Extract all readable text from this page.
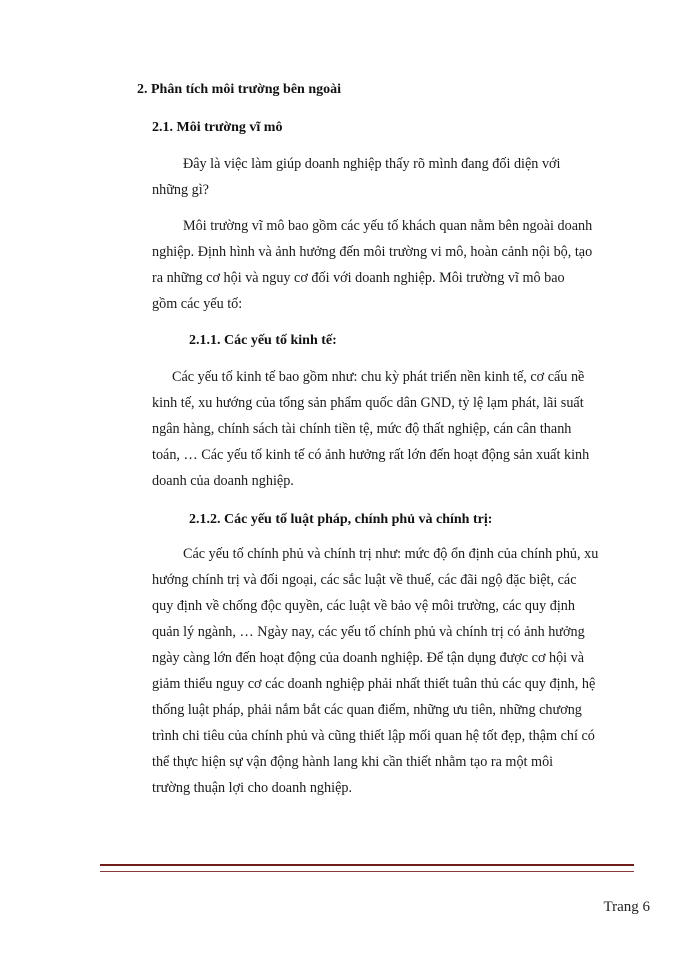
2. Phân tích môi trường bên ngoài
2.1. Môi trường vĩ mô
Đây là việc làm giúp doanh nghiệp thấy rõ mình đang đối diện với
những gì?
Môi trường vĩ mô bao gồm các yếu tố khách quan nằm bên ngoài doanh
nghiệp. Định hình và ảnh hưởng đến môi trường vi mô, hoàn cảnh nội bộ, tạo
ra những cơ hội và nguy cơ đối với doanh nghiệp. Môi trường vĩ mô bao
gồm các yếu tố:
2.1.1. Các yếu tố kinh tế:
Các yếu tố kinh tế bao gồm như: chu kỳ phát triển nền kinh tế, cơ cấu nề
kinh tế, xu hướng của tổng sản phẩm quốc dân GND, tỷ lệ lạm phát, lãi suất
ngân hàng, chính sách tài chính tiền tệ, mức độ thất nghiệp, cán cân thanh
toán, … Các yếu tố kinh tế có ảnh hưởng rất lớn đến hoạt động sản xuất kinh
doanh của doanh nghiệp.
2.1.2. Các yếu tố luật pháp, chính phủ và chính trị:
Các yếu tố chính phủ và chính trị như: mức độ ổn định của chính phủ, xu
hướng chính trị và đối ngoại, các sắc luật về thuế, các đãi ngộ đặc biệt, các
quy định về chống độc quyền, các luật về bảo vệ môi trường, các quy định
quản lý ngành, … Ngày nay, các yếu tố chính phủ và chính trị có ảnh hưởng
ngày càng lớn đến hoạt động của doanh nghiệp. Để tận dụng được cơ hội và
giảm thiểu nguy cơ các doanh nghiệp phải nhất thiết tuân thủ các quy định, hệ
thống luật pháp, phải nắm bắt các quan điểm, những ưu tiên, những chương
trình chi tiêu của chính phủ và cũng thiết lập mối quan hệ tốt đẹp, thậm chí có
thể thực hiện sự vận động hành lang khi cần thiết nhằm tạo ra một môi
trường thuận lợi cho doanh nghiệp.
Trang 6
